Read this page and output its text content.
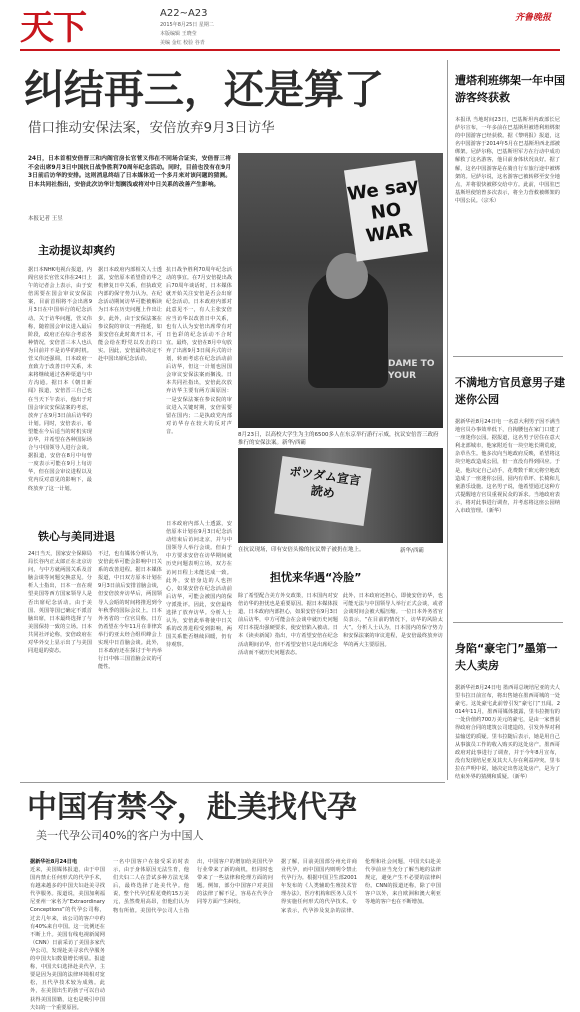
天下	A22~A23
2015年8月25日 星期二
本版编辑 王晓莹
美编 金红 校验 谷青
齐鲁晚报
纠结再三，还是算了
借口推动安保法案，安倍放弃9月3日访华
24日，日本首相安倍晋三和内阁官房长官菅义伟在不同场合证实，安倍晋三将不会出席9月3日中国抗日战争胜利70周年纪念活动。同时，目前也没有在9月3日前后访华的安排。这则消息终结了日本媒体近一个多月来对该问题的猜测。日本共同社指出，安倍此次访华计划搁浅或将对中日关系的改善产生影响。
本报记者 王昱
主动提议却爽约
据日本NHK电视台报道，内阁官房长官菅义伟在24日上午的记者会上表示，由于安倍需要在国会审议安保法案，目前首相将不会出席9月3日在中国举行的纪念活动。关于访华问题，菅义伟称，随着国会审议进入最后阶段，政府正在综合考虑各种情况，安倍晋三本人也认为目前并不是访华的时机。菅义伟还强调，日本政府一直致力于改善日中关系，未来将继续通过各种渠道与中方沟通。据日本《朝日新闻》报道，安倍晋三自己也在当天下午表示，他出于对国会审议安保法案的考虑，放弃了在9月3日前后访华的计划。同时，安倍表示，希望能在今后适当的时机实现访华，并希望在各种国际场合与中国领导人进行会谈。据报道，安倍在8月中旬曾一度表示可能在9月上旬访华，但在国会审议进程以及党内反对意见的影响下，最终放弃了这一计划。
据日本政府内部相关人士透露，安倍原本希望借访华之机修复日中关系，但执政党内部的保守势力认为，在纪念活动期间访华可能被解读为日本在历史问题上作出让步。此外，由于安保法案在参议院的审议一再拖延，如果安倍在此时离开日本，可能会给在野党以攻击的口实。因此，安倍最终决定不赴中国出席纪念活动。
铁心与美同进退
24日当天，国家安全保障局局长谷内正太郎正在北京访问，与中方就两国关系及首脑会谈等问题交换意见。分析人士指出，日本一直在观望美国等西方国家领导人是否出席纪念活动。由于美国、英国等国已确定不派首脑出席，日本最终选择了与美国保持一致的立场。日本共同社评论称，安倍政府在对华外交上显示出了与美国同进退的姿态。
不过，也有媒体分析认为，安倍此举可能会影响中日关系的改善进程。据日本媒体报道，中日双方原本计划在9月3日前后安排首脑会谈，但安倍放弃访华后，两国领导人会晤的时间将推迟到今年秋季的国际会议上。日本外务省的一位官员称，日方仍希望在今年11月在菲律宾举行的亚太经合组织峰会上实现中日首脑会谈。此外，日本政府还在探讨于年内举行日中韩三国首脑会议的可能性。
抗日战争胜利70周年纪念活动的事宜。在7月安倍提出战后70周年谈话时，日本媒体就开始关注安倍是否会出席纪念活动。日本政府内部对此意见不一，有人主张安倍应当访华以改善日中关系，也有人认为安倍出席带有对日色彩的纪念活动不合时宜。最终，安倍在8月中旬放弃了出席9月3日阅兵式的计划，转而考虑在纪念活动前后访华，但这一计划也因国会审议安保法案而搁浅。日本共同社指出，安倍此次放弃访华主要有两方面原因：一是安保法案在参议院的审议进入关键时期，安倍需要留在国内；二是执政党内部对访华存在较大的反对声音。
日本政府内部人士透露，安倍原本计划在9月3日纪念活动结束后访问北京，并与中国领导人举行会谈。但由于中方要求安倍在访华期间就历史问题表明立场，双方在访问日程上未能达成一致。此外，安倍身边的人也担心，如果安倍在纪念活动前后访华，可能会被国内的保守派批评。因此，安倍最终选择了放弃访华。分析人士认为，安倍此举将使中日关系的改善进程受到影响，两国关系能否继续回暖，仍有待观察。
We say NO WAR
DAME TO YOUR
8月23日，以高校大学生为主的6500多人在东京举行游行示威，抗议安倍晋三政府推行的安保法案。新华/西霸
ポツダム宣言読め
在抗议现场，印有安倍头像的抗议牌子被扔在地上。	新华/西霸
担忧来华遇“冷脸”
除了希望配合美方外交政策，日本国内对安倍访华的担忧也是重要原因。据日本媒体报道，日本政府内部担心，如果安倍在9月3日前后访华，中方可能会在会谈中就历史问题对日本提出强硬要求，使安倍陷入被动。日本《读卖新闻》指出，中方希望安倍在纪念活动期间访华，但不希望安倍只是出席纪念活动而不就历史问题表态。
此外，日本政府还担心，即使安倍访华，也可能无法与中国领导人举行正式会谈，或者会谈时间会被大幅压缩。一位日本外务省官员表示，“在目前的情况下，访华的风险太大”。分析人士认为，日本国内的保守势力和安保法案的审议进程，是安倍最终放弃访华的两大主要原因。
遭塔利班绑架一年中国游客终获救
本报讯 当地时间23日，巴基斯坦内政部长尼萨尔宣布，一年多前在巴基斯坦被塔利班绑架的中国游客已经获救。据《黎明报》报道，这名中国游客于2014年5月在巴基斯坦西北部被绑架。尼萨尔称，巴基斯坦军方在行动中成功解救了这名游客，他目前身体状况良好。据了解，这名中国游客是在骑自行车旅行途中被绑架的。尼萨尔说，这名游客已被转移至安全地点，并将很快被移交给中方。此前，中国驻巴基斯坦使馆曾多次表示，将全力营救被绑架的中国公民。（宗禾）
不满地方官员意男子建迷你公园
据新华社8月24日电 一名意大利男子因不满当地官员办事效率低下，自掏腰包在家门口建了一座迷你公园。据报道，这名男子居住在意大利北部城市，他家附近有一块空地长期荒废，杂草丛生。他多次向当地政府反映，希望将这块空地改造成公园，但一直没有得到回应。于是，他决定自己动手，花费数千欧元将空地改造成了一座迷你公园，园内有草坪、长椅和儿童游乐设施。这名男子说，他希望通过这种方式提醒地方官员重视民众的诉求。当地政府表示，将对此事进行调查，并考虑将这座公园纳入市政管理。（新华）
身陷“豪宅门”墨第一夫人卖房
据新华社8月24日电 墨西哥总统培尼亚的夫人里韦拉日前宣布，将出售她在墨西哥城的一处豪宅。这处豪宅此前曾引发“豪宅门”丑闻。2014年11月，墨西哥媒体披露，里韦拉拥有的一处价值约700万美元的豪宅，是由一家曾获得政府合同的建筑公司建造的，引发外界对利益输送的质疑。里韦拉随后表示，她是用自己从事演员工作的收入购买的这处房产。墨西哥政府对此事进行了调查，并于今年8月宣布，没有发现培尼亚及其夫人存在利益冲突。里韦拉在声明中说，她决定出售这处房产，是为了结束外界的猜测和质疑。（新华）
中国有禁令，赴美找代孕
美一代孕公司40%的客户为中国人
据新华社8月24日电
近来，美国媒体报道，由于中国国内禁止任何形式的代孕手术，有越来越多的中国夫妇赴美寻找代孕服务。报道说，美国加利福尼亚州一家名为“Extraordinary Conceptions”的代孕公司称，过去几年来，该公司的客户中约有40%来自中国。这一比例还在不断上升。美国有线电视新闻网（CNN）日前采访了美国多家代孕公司，发现赴美寻求代孕服务的中国夫妇数量增长明显。报道称，中国夫妇选择赴美代孕，主要是因为美国的法律环境相对宽松，且代孕技术较为成熟。此外，在美国出生的孩子可以自动获得美国国籍，这也是吸引中国夫妇的一个重要原因。
一名中国客户在接受采访时表示，由于身体原因无法生育，他们夫妇二人在尝试多种方法无果后，最终选择了赴美代孕。他说，整个代孕过程花费约15万美元，虽然费用高昂，但他们认为物有所值。美国代孕公司人士指出，中国客户的增加给美国代孕行业带来了新的商机，但同时也带来了一些法律和伦理方面的问题。例如，部分中国客户对美国的法律了解不足，容易在代孕合同等方面产生纠纷。
据了解，目前美国部分州允许商业代孕，而中国国内则明令禁止代孕行为。根据中国卫生部2001年发布的《人类辅助生殖技术管理办法》，医疗机构和医务人员不得实施任何形式的代孕技术。专家表示，代孕涉及复杂的法律、伦理和社会问题，中国夫妇赴美代孕前应当充分了解当地的法律规定，避免产生不必要的法律纠纷。CNN的报道还称，除了中国客户以外，来自欧洲和澳大利亚等地的客户也在不断增加。
